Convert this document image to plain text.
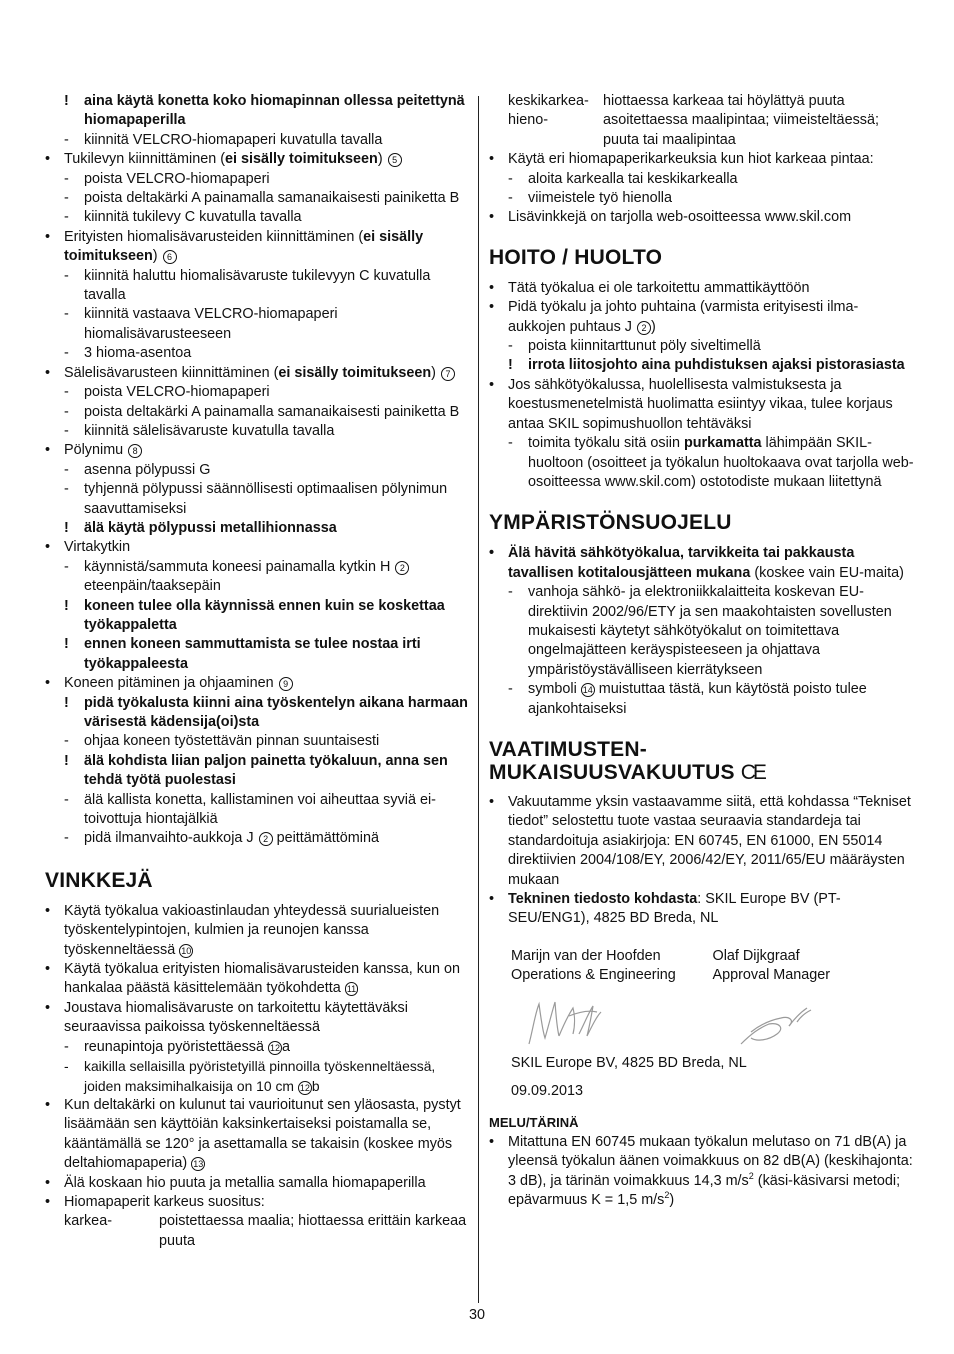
! aina käytä konetta koko hiomapinnan ollessa peitettynä hiomapaperilla
- kiinnitä VELCRO-hiomapaperi kuvatulla tavalla
• Tukilevyn kiinnittäminen (ei sisälly toimitukseen) 5
- poista VELCRO-hiomapaperi
- poista deltakärki A painamalla samanaikaisesti painiketta B
- kiinnitä tukilevy C kuvatulla tavalla
• Erityisten hiomalisävarusteiden kiinnittäminen (ei sisälly toimitukseen) 6
- kiinnitä haluttu hiomalisävaruste tukilevyyn C kuvatulla tavalla
- kiinnitä vastaava VELCRO-hiomapaperi hiomalisävarusteeseen
- 3 hioma-asentoa
• Sälelisävarusteen kiinnittäminen (ei sisälly toimitukseen) 7
- poista VELCRO-hiomapaperi
- poista deltakärki A painamalla samanaikaisesti painiketta B
- kiinnitä sälelisävaruste kuvatulla tavalla
• Pölynimu 8
- asenna pölypussi G
- tyhjennä pölypussi säännöllisesti optimaalisen pölynimun saavuttamiseksi
! älä käytä pölypussi metallihionnassa
• Virtakytkin
- käynnistä/sammuta koneesi painamalla kytkin H 2 eteenpäin/taaksepäin
! koneen tulee olla käynnissä ennen kuin se koskettaa työkappaletta
! ennen koneen sammuttamista se tulee nostaa irti työkappaleesta
• Koneen pitäminen ja ohjaaminen 9
! pidä työkalusta kiinni aina työskentelyn aikana harmaan värisestä kädensija(oi)sta
- ohjaa koneen työstettävän pinnan suuntaisesti
! älä kohdista liian paljon painetta työkaluun, anna sen tehdä työtä puolestasi
- älä kallista konetta, kallistaminen voi aiheuttaa syviä ei-toivottuja hiontajälkiä
- pidä ilmanvaihto-aukkoja J 2 peittämättöminä
VINKKEJÄ
• Käytä työkalua vakioastinlaudan yhteydessä suurialueisten työskentelypintojen, kulmien ja reunojen kanssa työskenneltäessä 10
• Käytä työkalua erityisten hiomalisävarusteiden kanssa, kun on hankalaa päästä käsittelemään työkohdetta 11
• Joustava hiomalisävaruste on tarkoitettu käytettäväksi seuraavissa paikoissa työskenneltäessä
- reunapintoja pyöristettäessä 12 a
- kaikilla sellaisilla pyöristetyillä pinnoilla työskenneltäessä, joiden maksimihalkaisija on 10 cm 12 b
• Kun deltakärki on kulunut tai vaurioitunut sen yläosasta, pystyt lisäämään sen käyttöiän kaksinkertaiseksi poistamalla se, kääntämällä se 120° ja asettamalla se takaisin (koskee myös deltahiomapaperia) 13
• Älä koskaan hio puuta ja metallia samalla hiomapaperilla
• Hiomapaperit karkeus suositus:
karkea-	poistettaessa maalia; hiottaessa erittäin karkeaa puuta
keskikarkea-
hieno-
hiottaessa karkeaa tai höylättyä puuta asoitettaessa maalipintaa; viimeisteltäessä; puuta tai maalipintaa
• Käytä eri hiomapaperikarkeuksia kun hiot karkeaa pintaa:
- aloita karkealla tai keskikarkealla
- viimeistele työ hienolla
• Lisävinkkejä on tarjolla web-osoitteessa www.skil.com
HOITO / HUOLTO
• Tätä työkalua ei ole tarkoitettu ammattikäyttöön
• Pidä työkalu ja johto puhtaina (varmista erityisesti ilma-aukkojen puhtaus J 2 )
- poista kiinnitarttunut pöly siveltimellä
! irrota liitosjohto aina puhdistuksen ajaksi pistorasiasta
• Jos sähkötyökalussa, huolellisesta valmistuksesta ja koestusmenetelmistä huolimatta esiintyy vikaa, tulee korjaus antaa SKIL sopimushuollon tehtäväksi
- toimita työkalu sitä osiin purkamatta lähimpään SKIL-huoltoon (osoitteet ja työkalun huoltokaava ovat tarjolla web-osoitteessa www.skil.com) ostotodiste mukaan liitettynä
YMPÄRISTÖNSUOJELU
• Älä hävitä sähkötyökalua, tarvikkeita tai pakkausta tavallisen kotitalousjätteen mukana (koskee vain EU-maita)
- vanhoja sähkö- ja elektroniikkalaitteita koskevan EU-direktiivin 2002/96/ETY ja sen maakohtaisten sovellusten mukaisesti käytetyt sähkötyökalut on toimitettava ongelmajätteen keräyspisteeseen ja ohjattava ympäristöystävälliseen kierrätykseen
- symboli 14 muistuttaa tästä, kun käytöstä poisto tulee ajankohtaiseksi
VAATIMUSTEN-
MUKAISUUSVAKUUTUS CE
• Vakuutamme yksin vastaavamme siitä, että kohdassa “Tekniset tiedot” selostettu tuote vastaa seuraavia standardeja tai standardoituja asiakirjoja: EN 60745, EN 61000, EN 55014 direktiivien 2004/108/EY, 2006/42/EY, 2011/65/EU määräysten mukaan
• Tekninen tiedosto kohdasta: SKIL Europe BV (PT-SEU/ENG1), 4825 BD Breda, NL
Marijn van der Hoofden
Operations & Engineering
Olaf Dijkgraaf
Approval Manager
SKIL Europe BV, 4825 BD Breda, NL
09.09.2013
MELU/TÄRINÄ
• Mitattuna EN 60745 mukaan työkalun melutaso on 71 dB(A) ja yleensä työkalun äänen voimakkuus on 82 dB(A) (keskihajonta: 3 dB), ja tärinän voimakkuus 14,3 $m/s^2$ (käsi-käsivarsi metodi; epävarmuus K = 1,5 $m/s^2$)
30
